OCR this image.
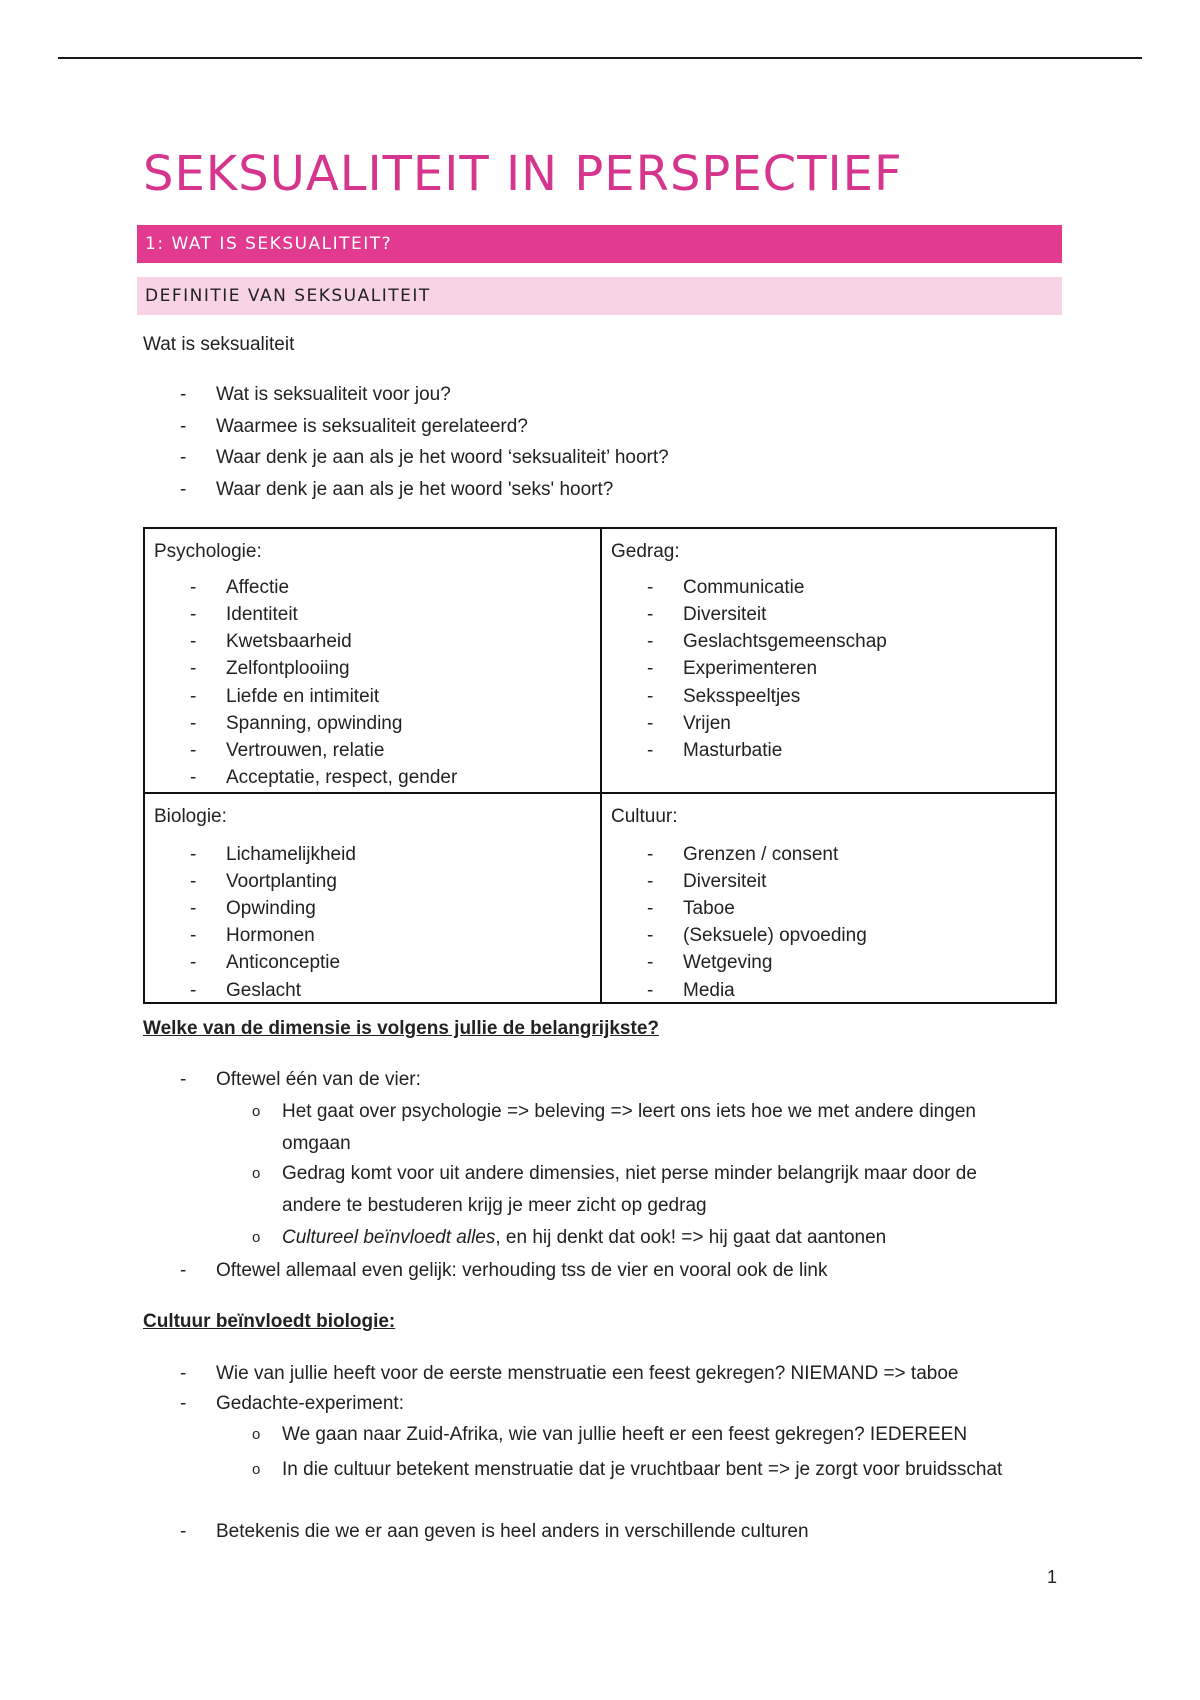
SEKSUALITEIT IN PERSPECTIEF
1: WAT IS SEKSUALITEIT?
DEFINITIE VAN SEKSUALITEIT
Wat is seksualiteit
- Wat is seksualiteit voor jou?
- Waarmee is seksualiteit gerelateerd?
- Waar denk je aan als je het woord ‘seksualiteit’ hoort?
- Waar denk je aan als je het woord 'seks' hoort?
Psychologie:
- Affectie
- Identiteit
- Kwetsbaarheid
- Zelfontplooiing
- Liefde en intimiteit
- Spanning, opwinding
- Vertrouwen, relatie
- Acceptatie, respect, gender
Gedrag:
- Communicatie
- Diversiteit
- Geslachtsgemeenschap
- Experimenteren
- Seksspeeltjes
- Vrijen
- Masturbatie
Biologie:
- Lichamelijkheid
- Voortplanting
- Opwinding
- Hormonen
- Anticonceptie
- Geslacht
Cultuur:
- Grenzen / consent
- Diversiteit
- Taboe
- (Seksuele) opvoeding
- Wetgeving
- Media
Welke van de dimensie is volgens jullie de belangrijkste?
- Oftewel één van de vier:
o Het gaat over psychologie => beleving => leert ons iets hoe we met andere dingen omgaan
o Gedrag komt voor uit andere dimensies, niet perse minder belangrijk maar door de andere te bestuderen krijg je meer zicht op gedrag
o Cultureel beïnvloedt alles, en hij denkt dat ook! => hij gaat dat aantonen
- Oftewel allemaal even gelijk: verhouding tss de vier en vooral ook de link
Cultuur beïnvloedt biologie:
- Wie van jullie heeft voor de eerste menstruatie een feest gekregen? NIEMAND => taboe
- Gedachte-experiment:
o We gaan naar Zuid-Afrika, wie van jullie heeft er een feest gekregen? IEDEREEN
o In die cultuur betekent menstruatie dat je vruchtbaar bent => je zorgt voor bruidsschat
- Betekenis die we er aan geven is heel anders in verschillende culturen
1
